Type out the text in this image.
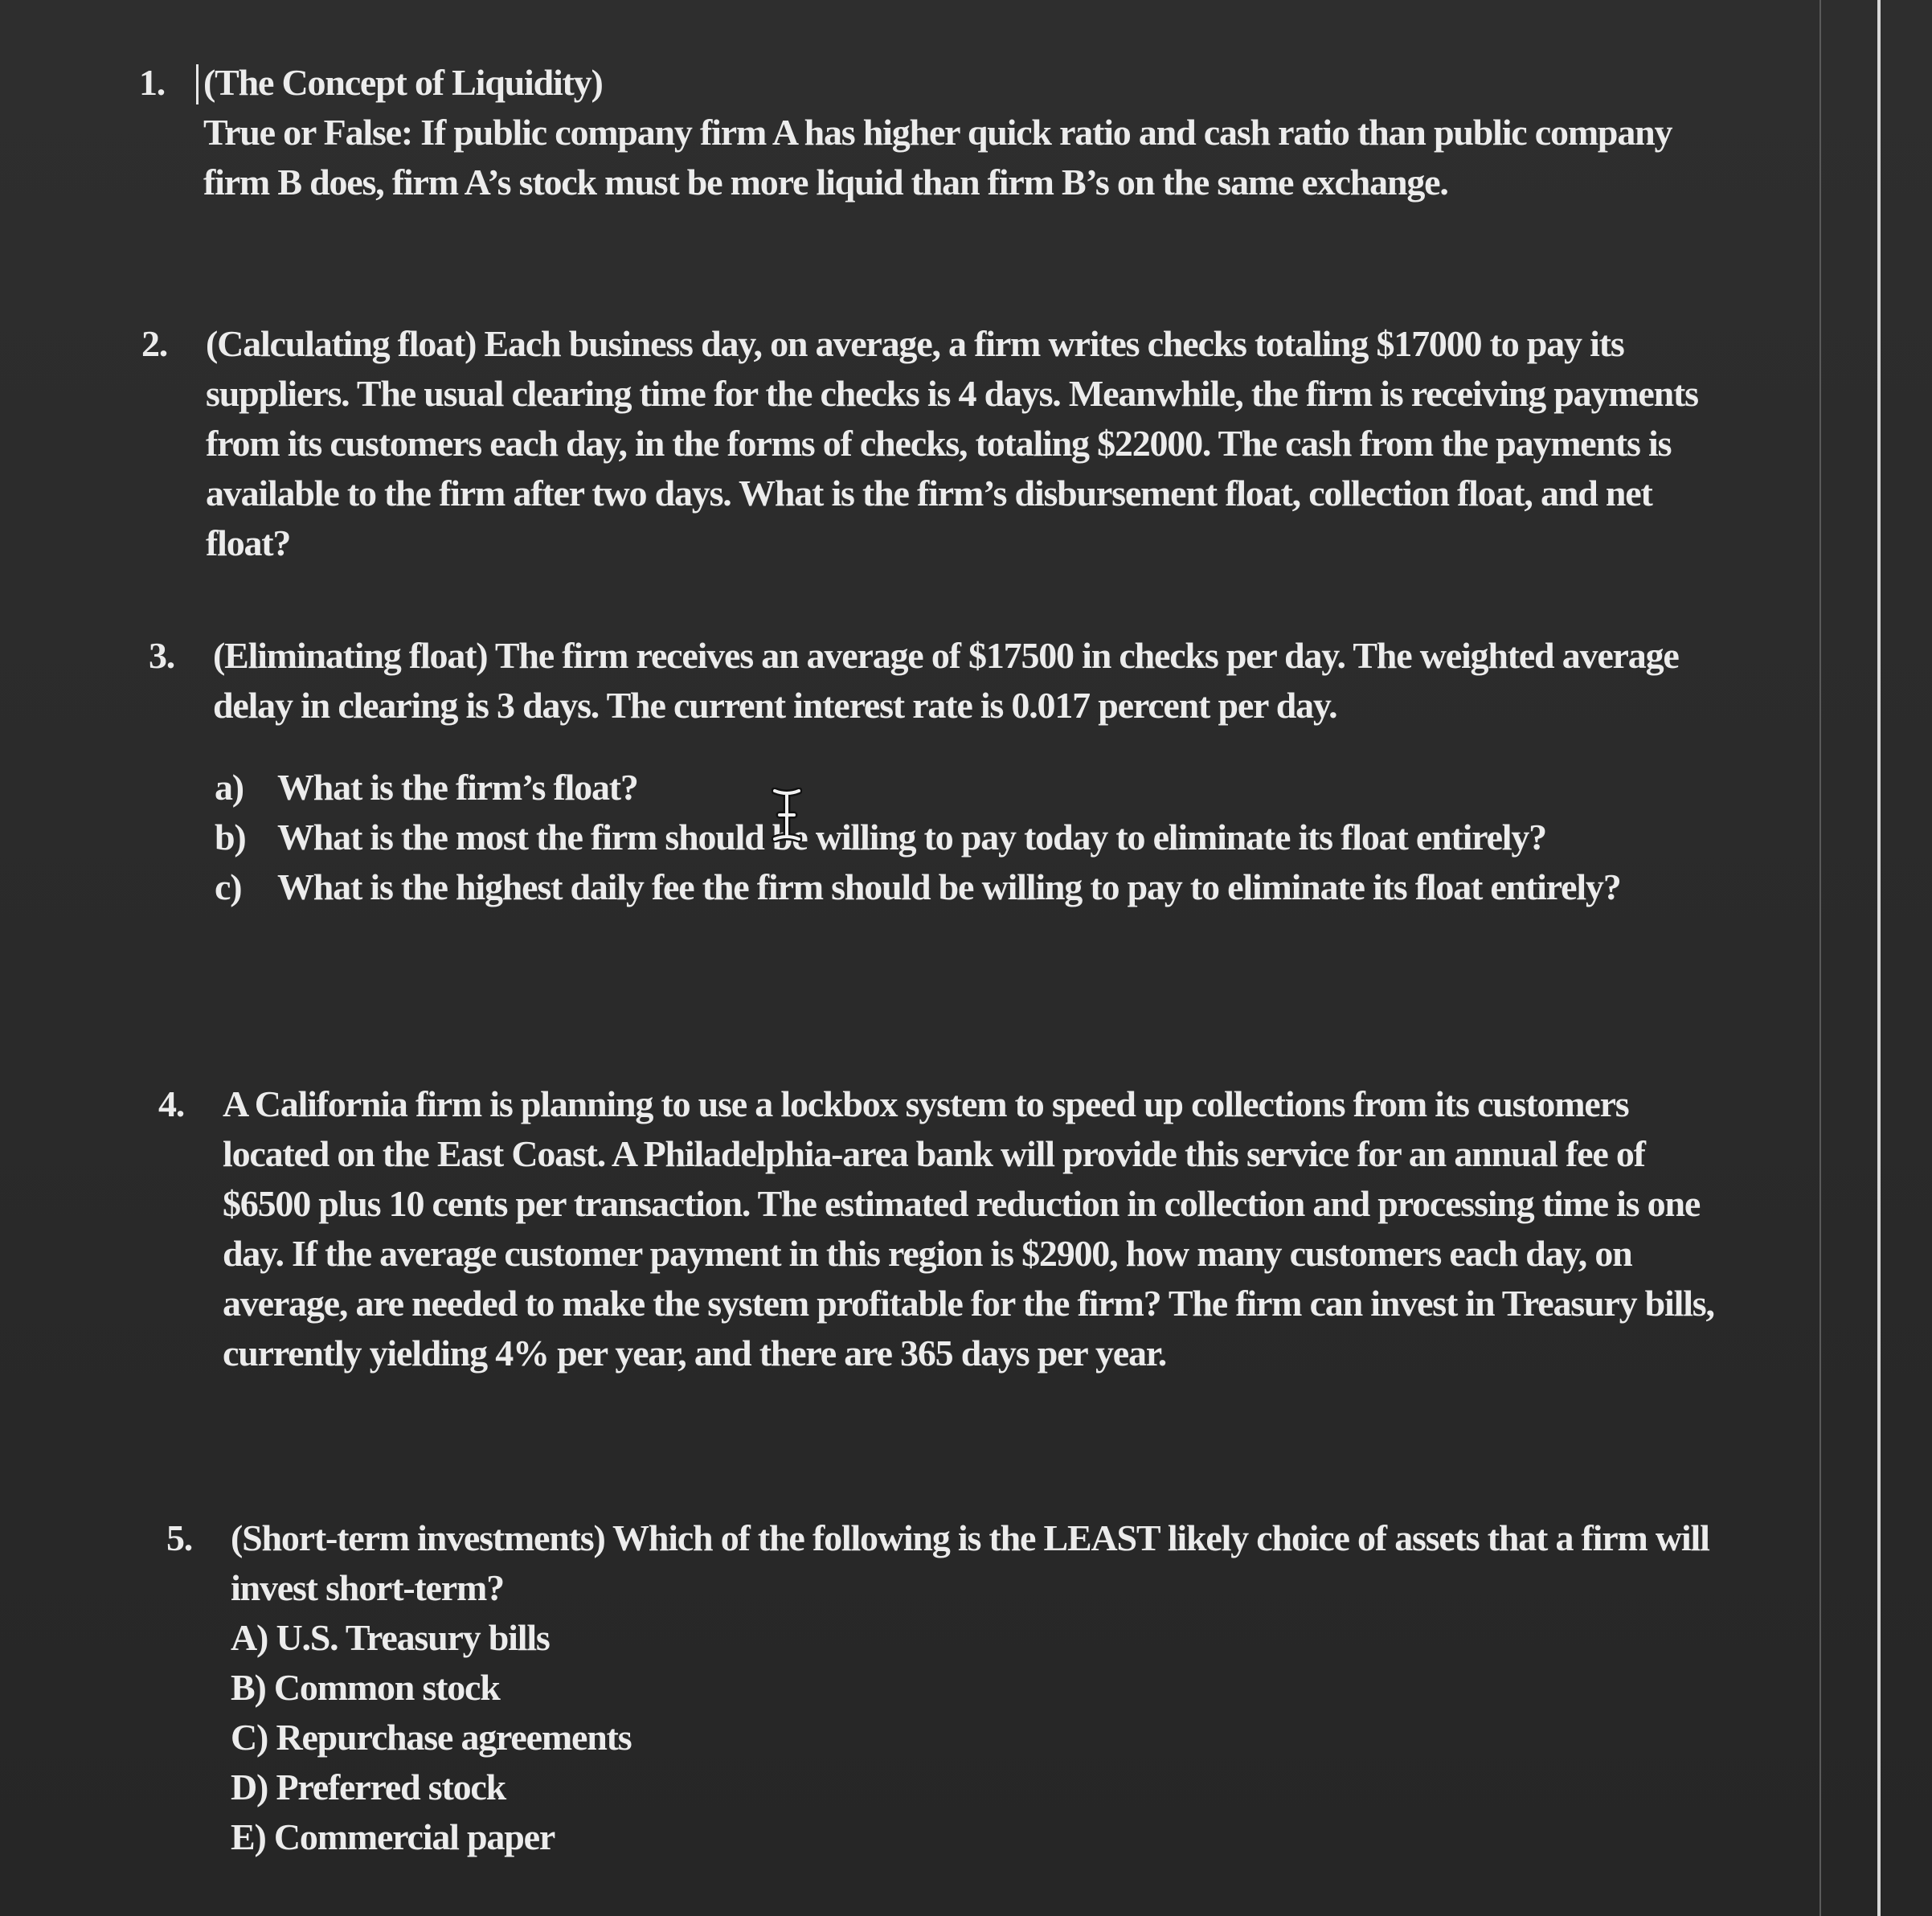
1.	(The Concept of Liquidity)
True or False: If public company firm A has higher quick ratio and cash ratio than public company firm B does, firm A’s stock must be more liquid than firm B’s on the same exchange.
2.	(Calculating float) Each business day, on average, a firm writes checks totaling $17000 to pay its suppliers. The usual clearing time for the checks is 4 days. Meanwhile, the firm is receiving payments from its customers each day, in the forms of checks, totaling $22000. The cash from the payments is available to the firm after two days. What is the firm’s disbursement float, collection float, and net float?
3.	(Eliminating float) The firm receives an average of $17500 in checks per day. The weighted average delay in clearing is 3 days. The current interest rate is 0.017 percent per day.
a) What is the firm’s float?
b) What is the most the firm should be willing to pay today to eliminate its float entirely?
c) What is the highest daily fee the firm should be willing to pay to eliminate its float entirely?
4.	A California firm is planning to use a lockbox system to speed up collections from its customers located on the East Coast. A Philadelphia-area bank will provide this service for an annual fee of $6500 plus 10 cents per transaction. The estimated reduction in collection and processing time is one day. If the average customer payment in this region is $2900, how many customers each day, on average, are needed to make the system profitable for the firm? The firm can invest in Treasury bills, currently yielding 4% per year, and there are 365 days per year.
5.	(Short-term investments) Which of the following is the LEAST likely choice of assets that a firm will invest short-term?
A) U.S. Treasury bills
B) Common stock
C) Repurchase agreements
D) Preferred stock
E) Commercial paper
